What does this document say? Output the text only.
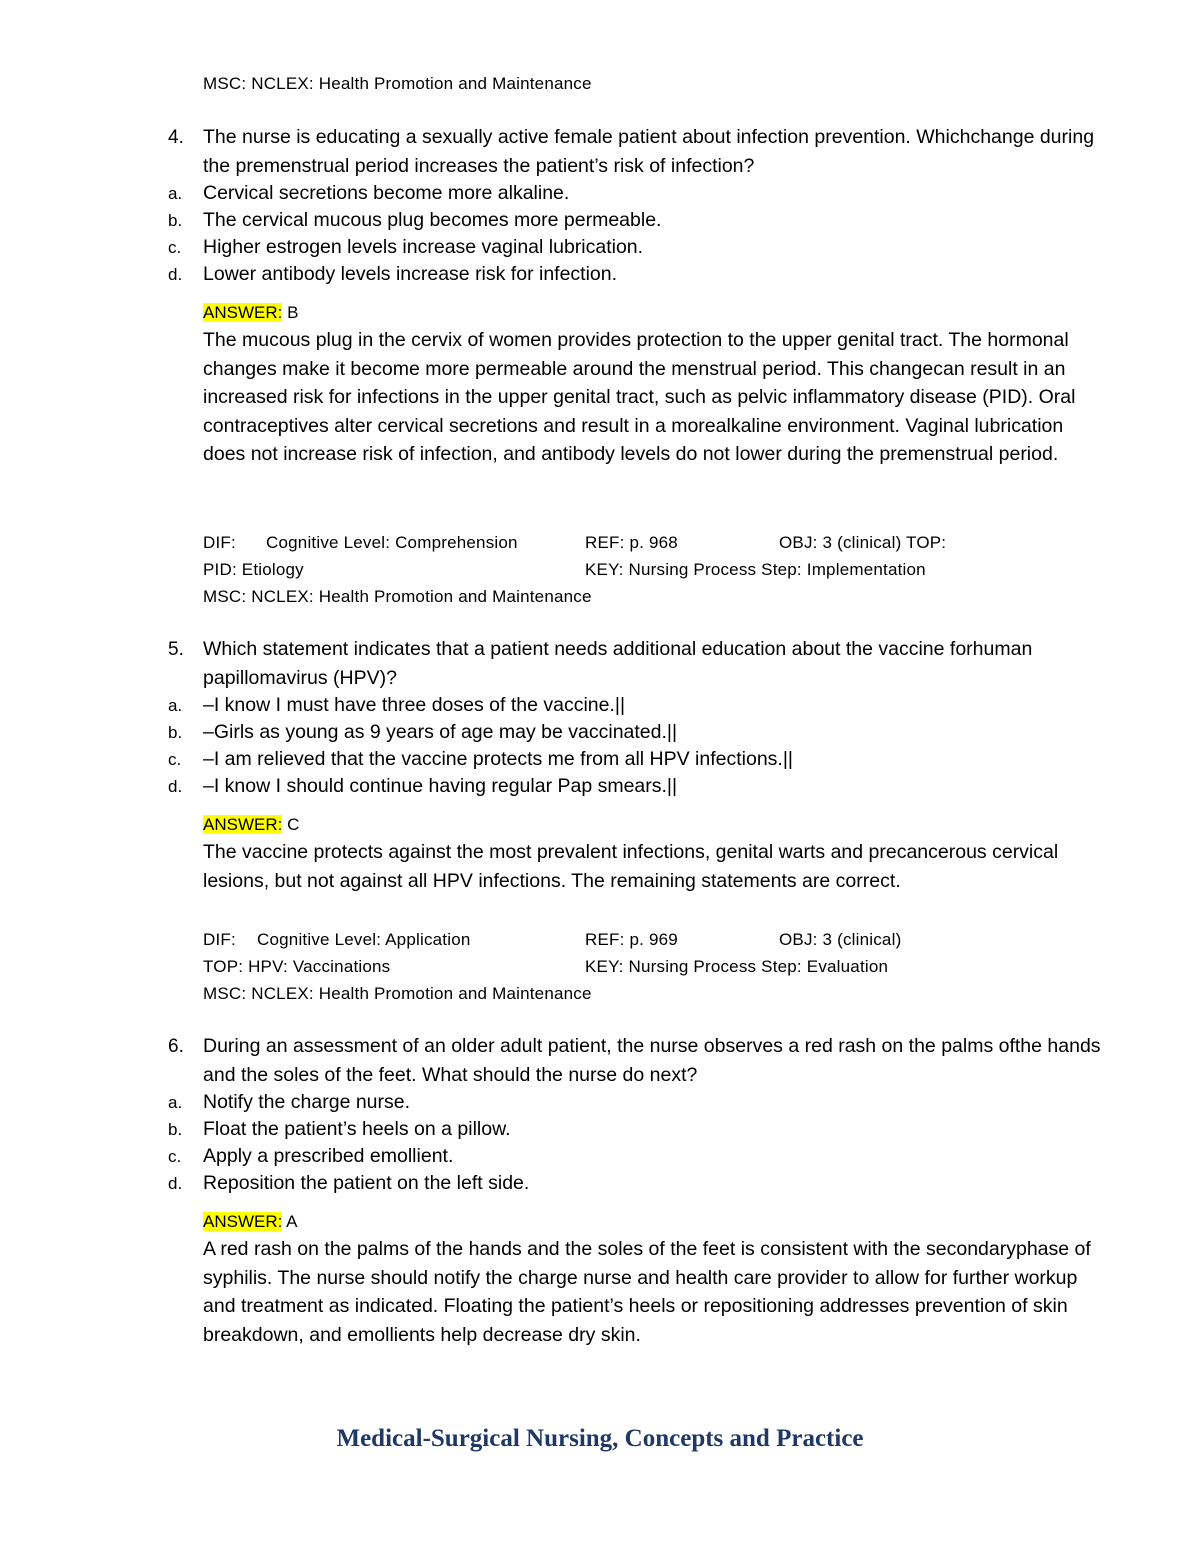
MSC: NCLEX: Health Promotion and Maintenance
4. The nurse is educating a sexually active female patient about infection prevention. Whichchange during the premenstrual period increases the patient’s risk of infection?
a. Cervical secretions become more alkaline.
b. The cervical mucous plug becomes more permeable.
c. Higher estrogen levels increase vaginal lubrication.
d. Lower antibody levels increase risk for infection.
ANSWER: B
The mucous plug in the cervix of women provides protection to the upper genital tract. The hormonal changes make it become more permeable around the menstrual period. This changecan result in an increased risk for infections in the upper genital tract, such as pelvic inflammatory disease (PID). Oral contraceptives alter cervical secretions and result in a morealkaline environment. Vaginal lubrication does not increase risk of infection, and antibody levels do not lower during the premenstrual period.
DIF: Cognitive Level: Comprehension	REF: p. 968	OBJ: 3 (clinical) TOP:
PID: Etiology	KEY: Nursing Process Step: Implementation
MSC: NCLEX: Health Promotion and Maintenance
5. Which statement indicates that a patient needs additional education about the vaccine forhuman papillomavirus (HPV)?
a. –I know I must have three doses of the vaccine.||
b. –Girls as young as 9 years of age may be vaccinated.||
c. –I am relieved that the vaccine protects me from all HPV infections.||
d. –I know I should continue having regular Pap smears.||
ANSWER: C
The vaccine protects against the most prevalent infections, genital warts and precancerous cervical lesions, but not against all HPV infections. The remaining statements are correct.
DIF: Cognitive Level: Application	REF: p. 969	OBJ: 3 (clinical)
TOP: HPV: Vaccinations	KEY: Nursing Process Step: Evaluation
MSC: NCLEX: Health Promotion and Maintenance
6. During an assessment of an older adult patient, the nurse observes a red rash on the palms ofthe hands and the soles of the feet. What should the nurse do next?
a. Notify the charge nurse.
b. Float the patient’s heels on a pillow.
c. Apply a prescribed emollient.
d. Reposition the patient on the left side.
ANSWER: A
A red rash on the palms of the hands and the soles of the feet is consistent with the secondaryphase of syphilis. The nurse should notify the charge nurse and health care provider to allow for further workup and treatment as indicated. Floating the patient’s heels or repositioning addresses prevention of skin breakdown, and emollients help decrease dry skin.
Medical-Surgical Nursing, Concepts and Practice
